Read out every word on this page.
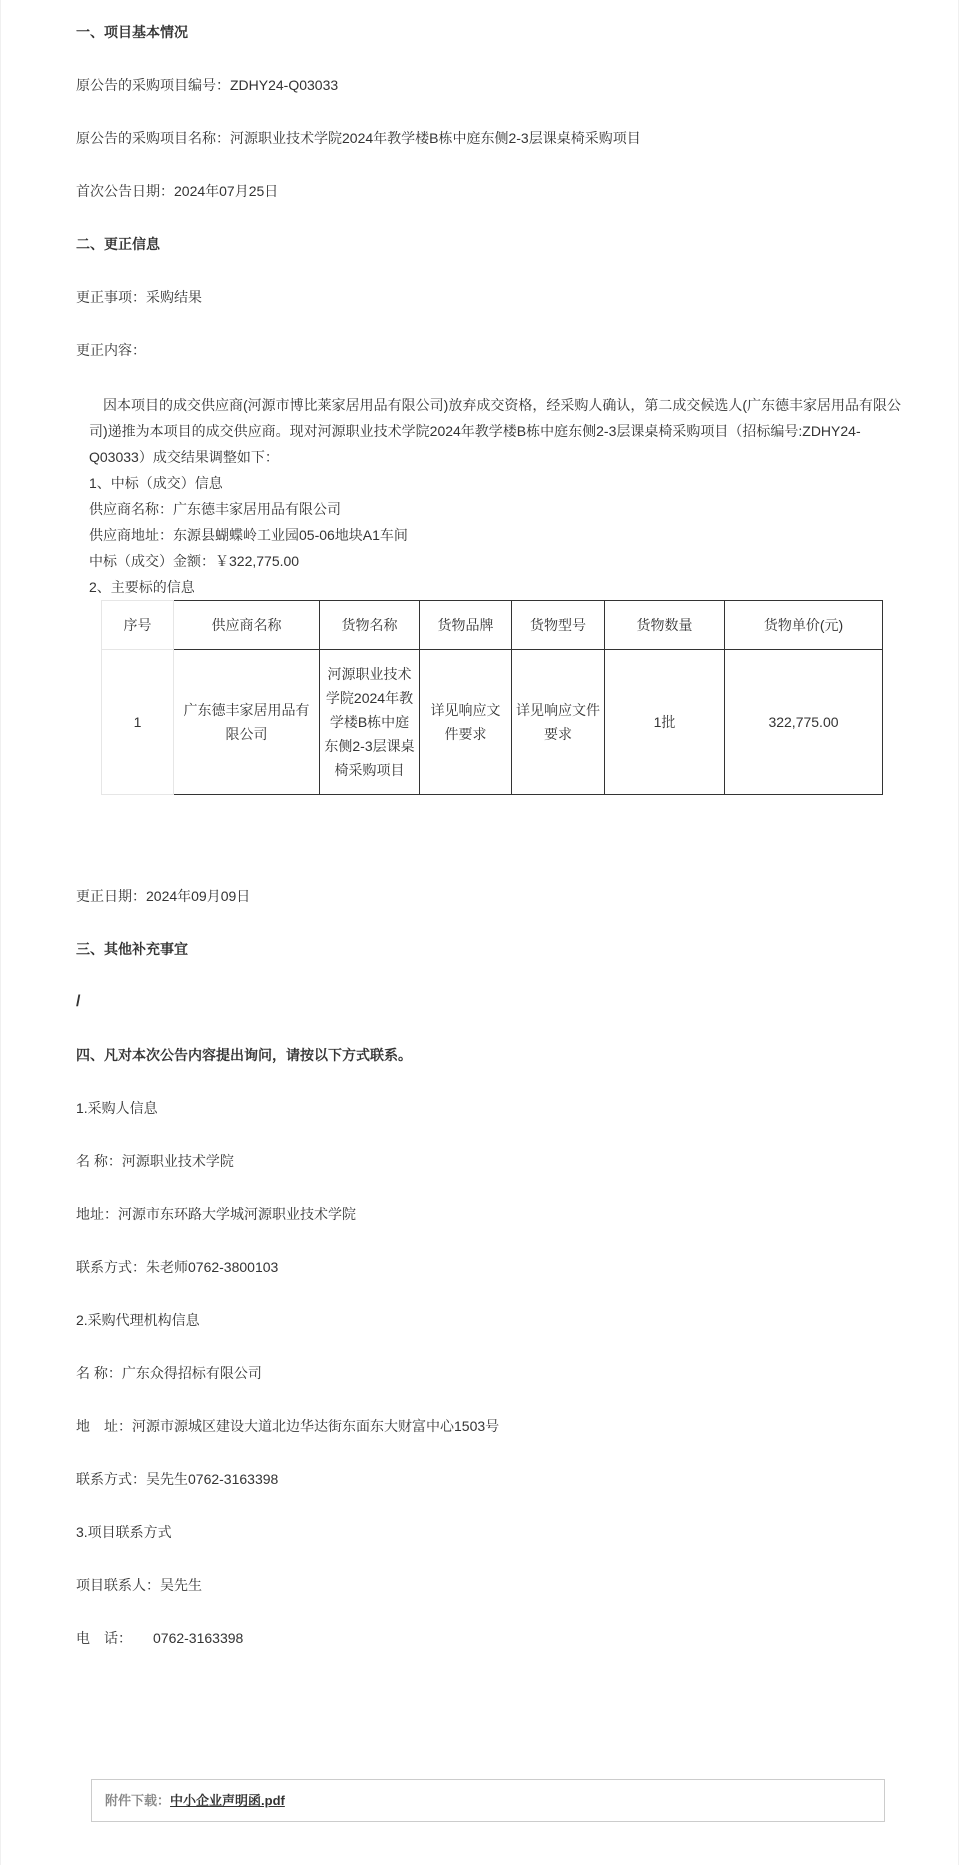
一、项目基本情况

原公告的采购项目编号：ZDHY24-Q03033

原公告的采购项目名称：河源职业技术学院2024年教学楼B栋中庭东侧2-3层课桌椅采购项目

首次公告日期：2024年07月25日

二、更正信息

更正事项：采购结果

更正内容：

因本项目的成交供应商(河源市博比莱家居用品有限公司)放弃成交资格，经采购人确认，第二成交候选人(广东德丰家居用品有限公司)递推为本项目的成交供应商。现对河源职业技术学院2024年教学楼B栋中庭东侧2-3层课桌椅采购项目（招标编号:ZDHY24-Q03033）成交结果调整如下：
1、中标（成交）信息
供应商名称：广东德丰家居用品有限公司
供应商地址：东源县蝴蝶岭工业园05-06地块A1车间
中标（成交）金额：￥322,775.00
2、主要标的信息
序号	供应商名称	货物名称	货物品牌	货物型号	货物数量	货物单价(元)
1	广东德丰家居用品有限公司	河源职业技术学院2024年教学楼B栋中庭东侧2-3层课桌椅采购项目	详见响应文件要求	详见响应文件要求	1批	322,775.00

更正日期：2024年09月09日

三、其他补充事宜

/

四、凡对本次公告内容提出询问，请按以下方式联系。

1.采购人信息

名 称：河源职业技术学院

地址：河源市东环路大学城河源职业技术学院

联系方式：朱老师0762-3800103

2.采购代理机构信息

名 称：广东众得招标有限公司

地　址：河源市源城区建设大道北边华达街东面东大财富中心1503号

联系方式：吴先生0762-3163398

3.项目联系方式

项目联系人：吴先生

电　话：　　0762-3163398

附件下载：中小企业声明函.pdf
